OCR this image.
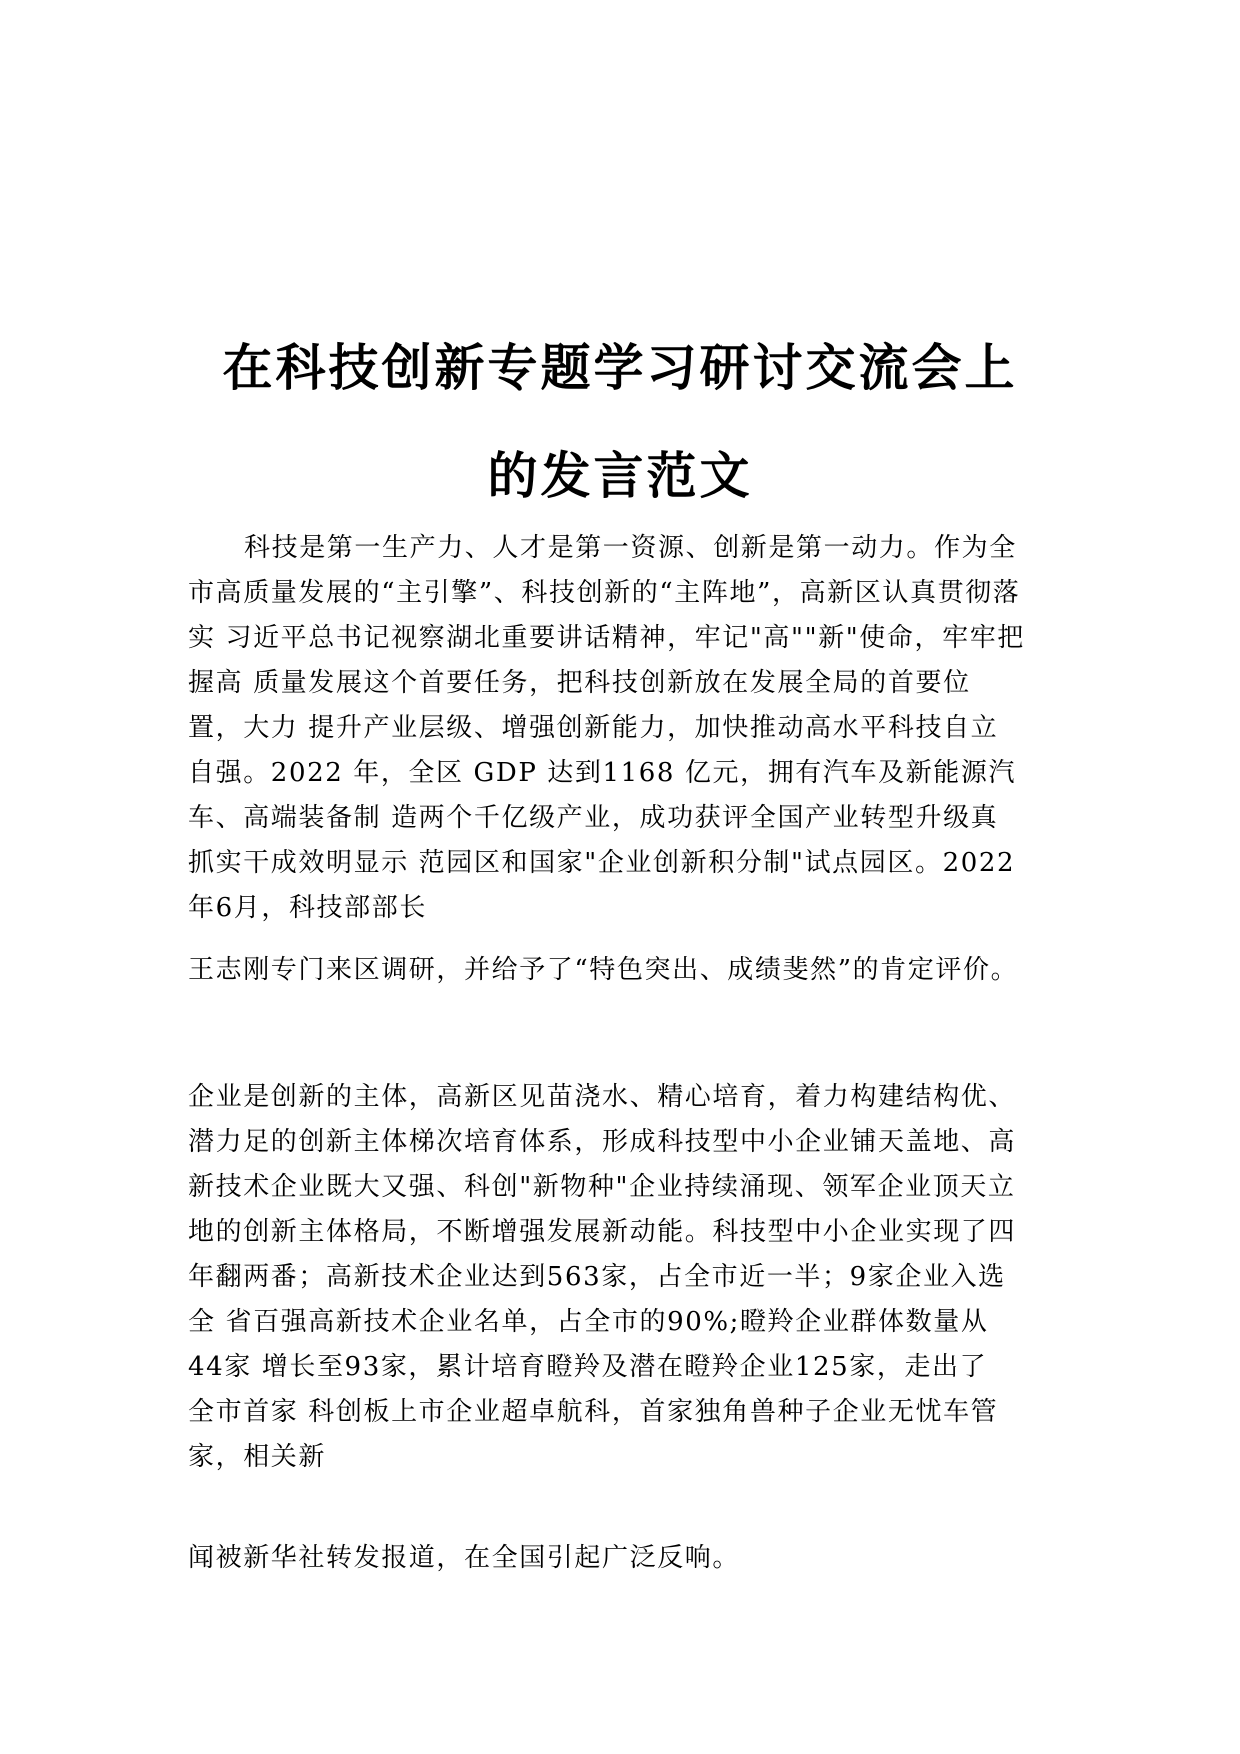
在科技创新专题学习研讨交流会上
的发言范文
科技是第一生产力、人才是第一资源、创新是第一动力。作为全
市高质量发展的“主引擎”、科技创新的“主阵地”，高新区认真贯彻落
实 习近平总书记视察湖北重要讲话精神，牢记"高""新"使命，牢牢把
握高 质量发展这个首要任务，把科技创新放在发展全局的首要位
置，大力 提升产业层级、增强创新能力，加快推动高水平科技自立
自强。2022 年，全区 GDP 达到1168 亿元，拥有汽车及新能源汽
车、高端装备制 造两个千亿级产业，成功获评全国产业转型升级真
抓实干成效明显示 范园区和国家"企业创新积分制"试点园区。2022
年6月，科技部部长

王志刚专门来区调研，并给予了“特色突出、成绩斐然”的肯定评价。

企业是创新的主体，高新区见苗浇水、精心培育，着力构建结构优、
潜力足的创新主体梯次培育体系，形成科技型中小企业铺天盖地、高
新技术企业既大又强、科创"新物种"企业持续涌现、领军企业顶天立
地的创新主体格局，不断增强发展新动能。科技型中小企业实现了四
年翻两番；高新技术企业达到563家，占全市近一半；9家企业入选
全 省百强高新技术企业名单，占全市的90%;瞪羚企业群体数量从
44家 增长至93家，累计培育瞪羚及潜在瞪羚企业125家，走出了
全市首家 科创板上市企业超卓航科，首家独角兽种子企业无忧车管
家，相关新

闻被新华社转发报道，在全国引起广泛反响。
